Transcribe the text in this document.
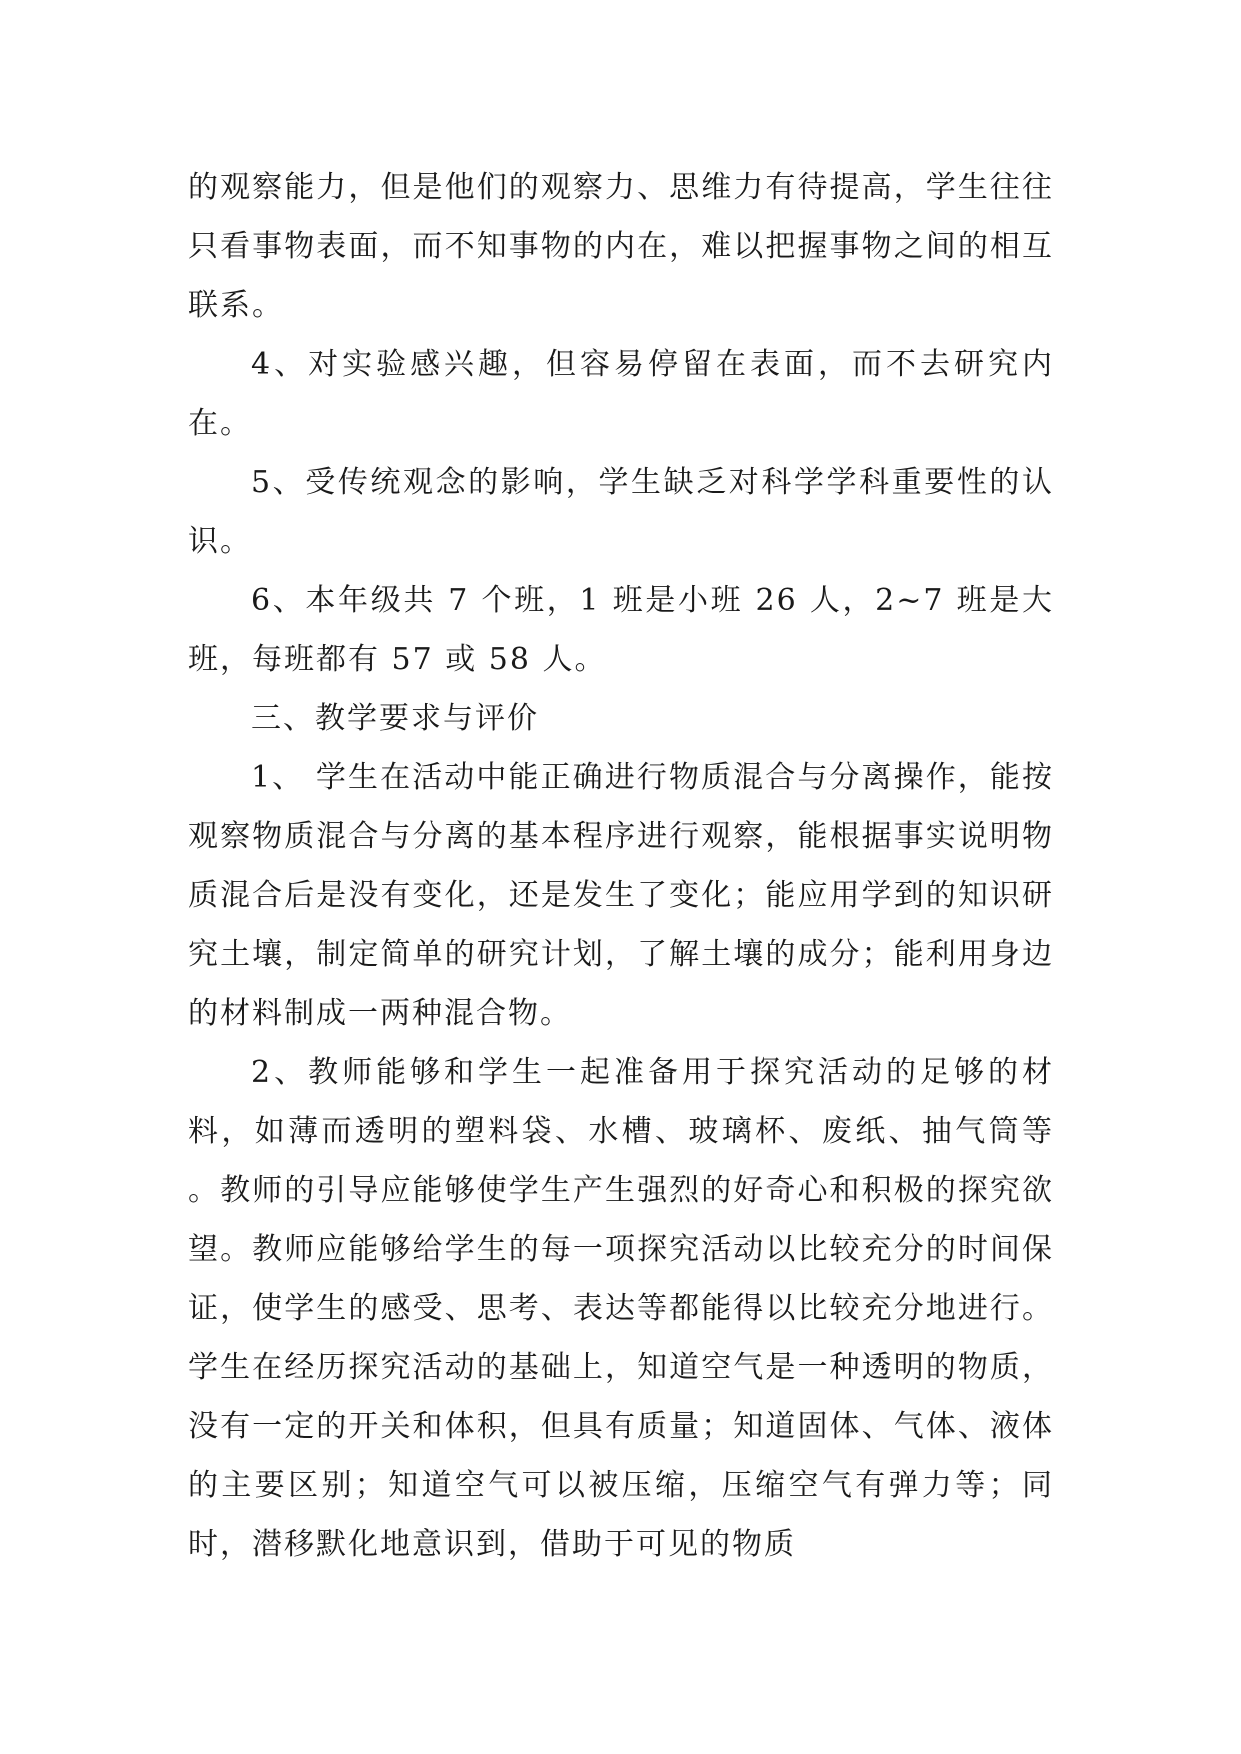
的观察能力，但是他们的观察力、思维力有待提高，学生往往只看事物表面，而不知事物的内在，难以把握事物之间的相互联系。

4、对实验感兴趣，但容易停留在表面，而不去研究内在。

5、受传统观念的影响，学生缺乏对科学学科重要性的认识。

6、本年级共 7 个班，1 班是小班 26 人，2~7 班是大班，每班都有 57 或 58 人。

三、教学要求与评价

1、 学生在活动中能正确进行物质混合与分离操作，能按观察物质混合与分离的基本程序进行观察，能根据事实说明物质混合后是没有变化，还是发生了变化；能应用学到的知识研究土壤，制定简单的研究计划，了解土壤的成分；能利用身边的材料制成一两种混合物。

2、教师能够和学生一起准备用于探究活动的足够的材料，如薄而透明的塑料袋、水槽、玻璃杯、废纸、抽气筒等 。教师的引导应能够使学生产生强烈的好奇心和积极的探究欲望。教师应能够给学生的每一项探究活动以比较充分的时间保证，使学生的感受、思考、表达等都能得以比较充分地进行。学生在经历探究活动的基础上，知道空气是一种透明的物质，没有一定的开关和体积，但具有质量；知道固体、气体、液体的主要区别；知道空气可以被压缩，压缩空气有弹力等；同时，潜移默化地意识到，借助于可见的物质
